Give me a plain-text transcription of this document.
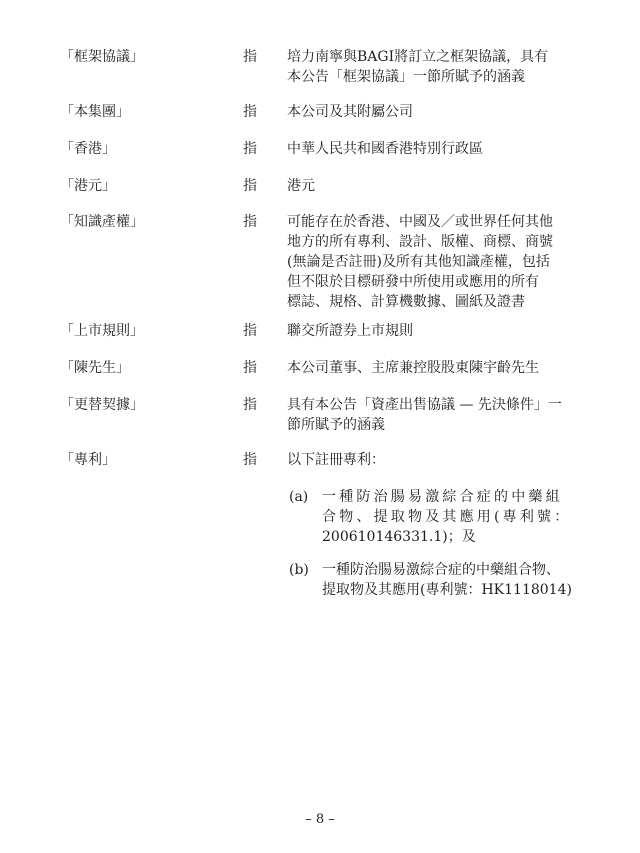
「框架協議」	指 培力南寧與BAGI將訂立之框架協議，具有
本公告「框架協議」一節所賦予的涵義
「本集團」	指 本公司及其附屬公司
「香港」	指 中華人民共和國香港特別行政區
「港元」	指 港元
「知識產權」	指 可能存在於香港、中國及／或世界任何其他
地方的所有專利、設計、版權、商標、商號
(無論是否註冊)及所有其他知識產權，包括
但不限於目標研發中所使用或應用的所有
標誌、規格、計算機數據、圖紙及證書
「上市規則」	指 聯交所證券上市規則
「陳先生」	指 本公司董事、主席兼控股股東陳宇齡先生
「更替契據」	指 具有本公告「資產出售協議 — 先決條件」一
節所賦予的涵義
「專利」	指 以下註冊專利：
(a) 一種防治腸易激綜合症的中藥組
合物、提取物及其應用(專利號：
200610146331.1)；及
(b) 一種防治腸易激綜合症的中藥組合物、
提取物及其應用(專利號：HK1118014)
– 8 –
